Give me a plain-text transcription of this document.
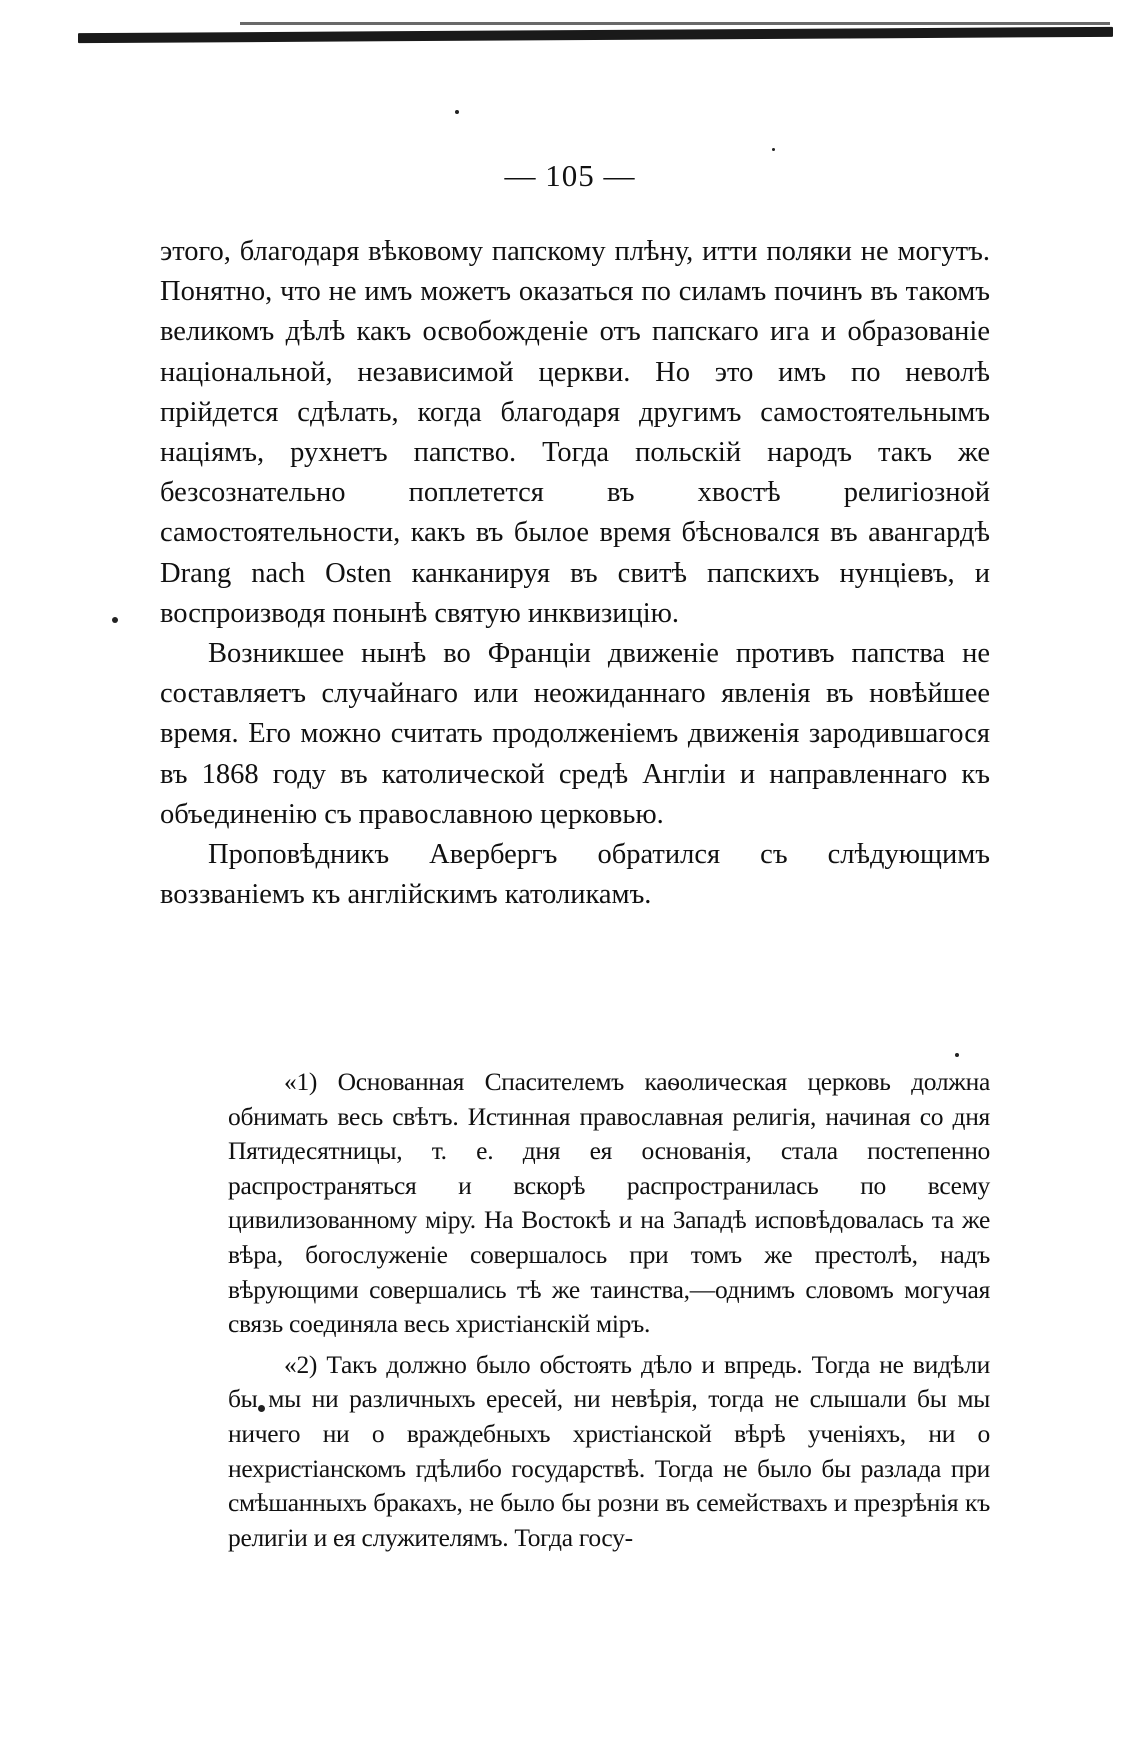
— 105 —

этого, благодаря вѣковому папскому плѣну, итти поляки не могутъ. Понятно, что не имъ можетъ оказаться по силамъ починъ въ такомъ великомъ дѣлѣ какъ освобожденіе отъ папскаго ига и образованіе національной, независимой церкви. Но это имъ по неволѣ прійдется сдѣлать, когда благодаря другимъ самостоятельнымъ націямъ, рухнетъ папство. Тогда польскій народъ такъ же безсознательно поплетется въ хвостѣ религіозной самостоятельности, какъ въ былое время бѣсновался въ авангардѣ Drang nach Osten канканируя въ свитѣ папскихъ нунціевъ, и воспроизводя понынѣ святую инквизицію.

Возникшее нынѣ во Франціи движеніе противъ папства не составляетъ случайнаго или неожиданнаго явленія въ новѣйшее время. Его можно считать продолженіемъ движенія зародившагося въ 1868 году въ католической средѣ Англіи и направленнаго къ объединенію съ православною церковью.

Проповѣдникъ Авербергъ обратился съ слѣдующимъ воззваніемъ къ англійскимъ католикамъ.

«1) Основанная Спасителемъ каѳолическая церковь должна обнимать весь свѣтъ. Истинная православная религія, начиная со дня Пятидесятницы, т. е. дня ея основанія, стала постепенно распространяться и вскорѣ распространилась по всему цивилизованному міру. На Востокѣ и на Западѣ исповѣдовалась та же вѣра, богослуженіе совершалось при томъ же престолѣ, надъ вѣрующими совершались тѣ же таинства,—однимъ словомъ могучая связь соединяла весь христіанскій міръ.

«2) Такъ должно было обстоять дѣло и впредь. Тогда не видѣли бы мы ни различныхъ ересей, ни невѣрія, тогда не слышали бы мы ничего ни о враждебныхъ христіанской вѣрѣ ученіяхъ, ни о нехристіанскомъ гдѣлибо государствѣ. Тогда не было бы разлада при смѣшанныхъ бракахъ, не было бы розни въ семействахъ и презрѣнія къ религіи и ея служителямъ. Тогда госу-
